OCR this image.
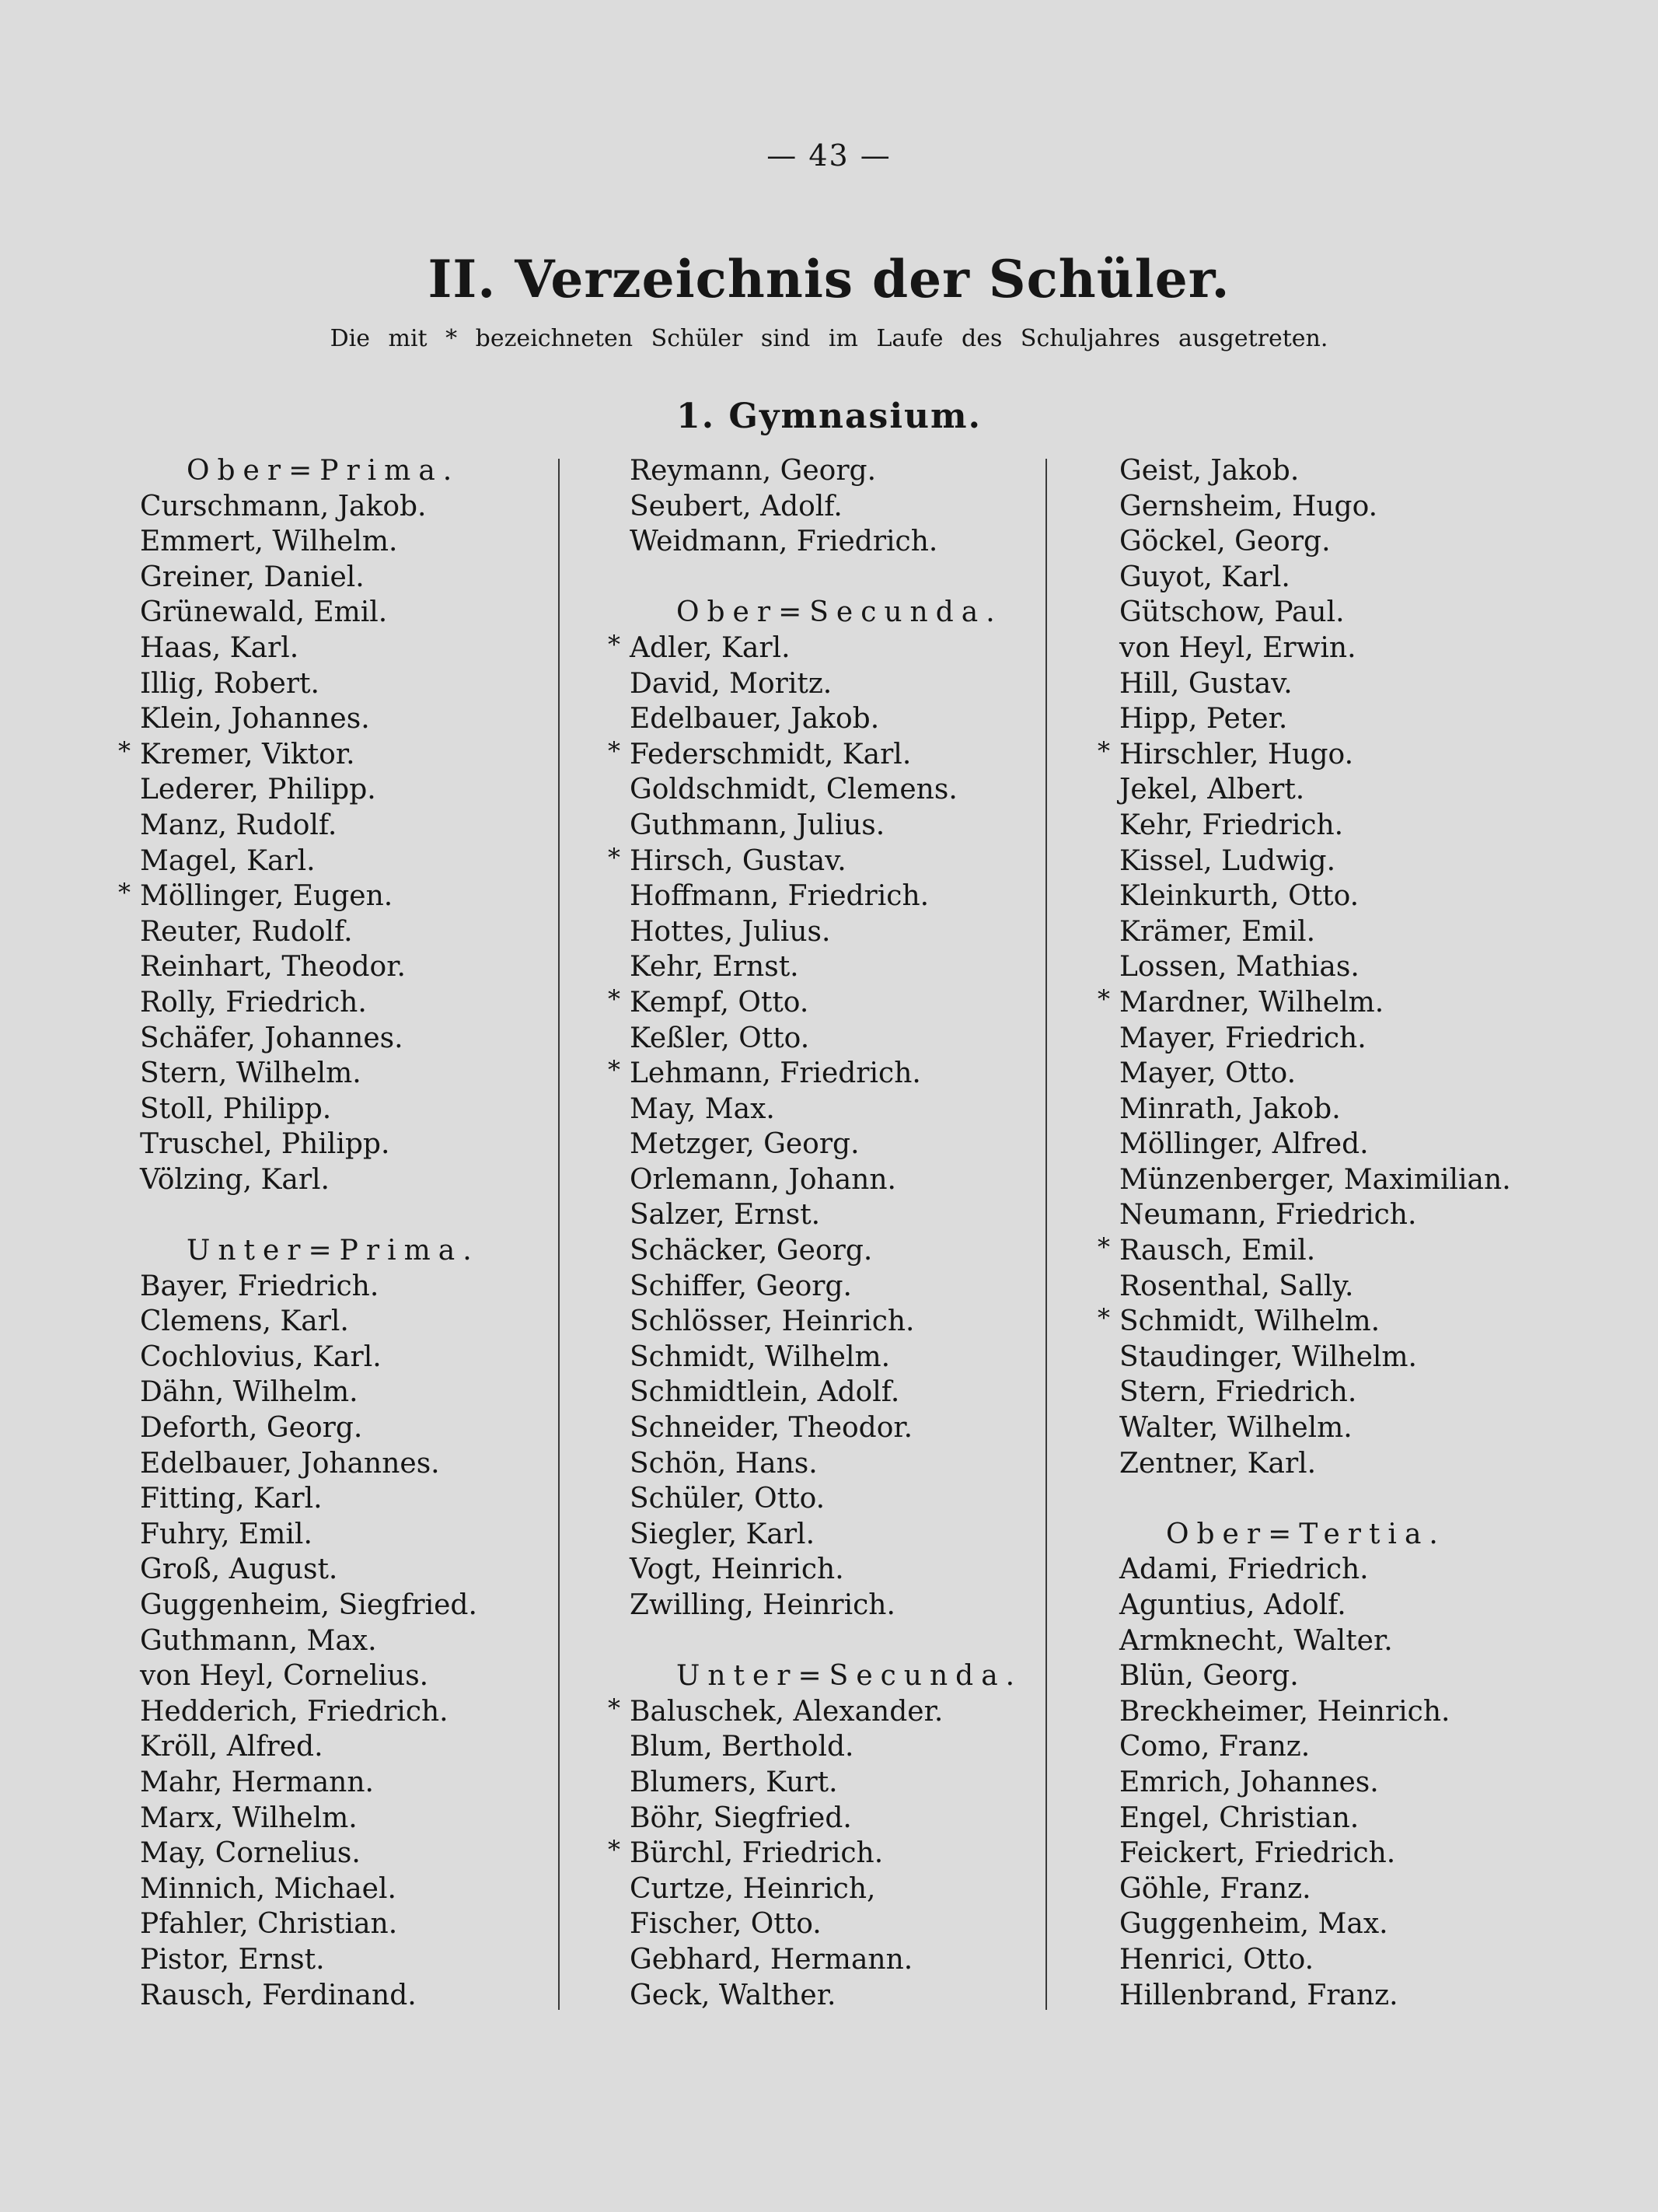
— 43 —
II. Verzeichnis der Schüler.
Die mit * bezeichneten Schüler sind im Laufe des Schuljahres ausgetreten.
1. Gymnasium.
Ober=Prima.
Curschmann, Jakob.
Emmert, Wilhelm.
Greiner, Daniel.
Grünewald, Emil.
Haas, Karl.
Illig, Robert.
Klein, Johannes.
* Kremer, Viktor.
Lederer, Philipp.
Manz, Rudolf.
Magel, Karl.
* Möllinger, Eugen.
Reuter, Rudolf.
Reinhart, Theodor.
Rolly, Friedrich.
Schäfer, Johannes.
Stern, Wilhelm.
Stoll, Philipp.
Truschel, Philipp.
Völzing, Karl.
Unter=Prima.
Bayer, Friedrich.
Clemens, Karl.
Cochlovius, Karl.
Dähn, Wilhelm.
Deforth, Georg.
Edelbauer, Johannes.
Fitting, Karl.
Fuhry, Emil.
Groß, August.
Guggenheim, Siegfried.
Guthmann, Max.
von Heyl, Cornelius.
Hedderich, Friedrich.
Kröll, Alfred.
Mahr, Hermann.
Marx, Wilhelm.
May, Cornelius.
Minnich, Michael.
Pfahler, Christian.
Pistor, Ernst.
Rausch, Ferdinand.
Reymann, Georg.
Seubert, Adolf.
Weidmann, Friedrich.
Ober=Secunda.
* Adler, Karl.
David, Moritz.
Edelbauer, Jakob.
* Federschmidt, Karl.
Goldschmidt, Clemens.
Guthmann, Julius.
* Hirsch, Gustav.
Hoffmann, Friedrich.
Hottes, Julius.
Kehr, Ernst.
* Kempf, Otto.
Keßler, Otto.
* Lehmann, Friedrich.
May, Max.
Metzger, Georg.
Orlemann, Johann.
Salzer, Ernst.
Schäcker, Georg.
Schiffer, Georg.
Schlösser, Heinrich.
Schmidt, Wilhelm.
Schmidtlein, Adolf.
Schneider, Theodor.
Schön, Hans.
Schüler, Otto.
Siegler, Karl.
Vogt, Heinrich.
Zwilling, Heinrich.
Unter=Secunda.
* Baluschek, Alexander.
Blum, Berthold.
Blumers, Kurt.
Böhr, Siegfried.
* Bürchl, Friedrich.
Curtze, Heinrich,
Fischer, Otto.
Gebhard, Hermann.
Geck, Walther.
Geist, Jakob.
Gernsheim, Hugo.
Göckel, Georg.
Guyot, Karl.
Gütschow, Paul.
von Heyl, Erwin.
Hill, Gustav.
Hipp, Peter.
* Hirschler, Hugo.
Jekel, Albert.
Kehr, Friedrich.
Kissel, Ludwig.
Kleinkurth, Otto.
Krämer, Emil.
Lossen, Mathias.
* Mardner, Wilhelm.
Mayer, Friedrich.
Mayer, Otto.
Minrath, Jakob.
Möllinger, Alfred.
Münzenberger, Maximilian.
Neumann, Friedrich.
* Rausch, Emil.
Rosenthal, Sally.
* Schmidt, Wilhelm.
Staudinger, Wilhelm.
Stern, Friedrich.
Walter, Wilhelm.
Zentner, Karl.
Ober=Tertia.
Adami, Friedrich.
Aguntius, Adolf.
Armknecht, Walter.
Blün, Georg.
Breckheimer, Heinrich.
Como, Franz.
Emrich, Johannes.
Engel, Christian.
Feickert, Friedrich.
Göhle, Franz.
Guggenheim, Max.
Henrici, Otto.
Hillenbrand, Franz.
